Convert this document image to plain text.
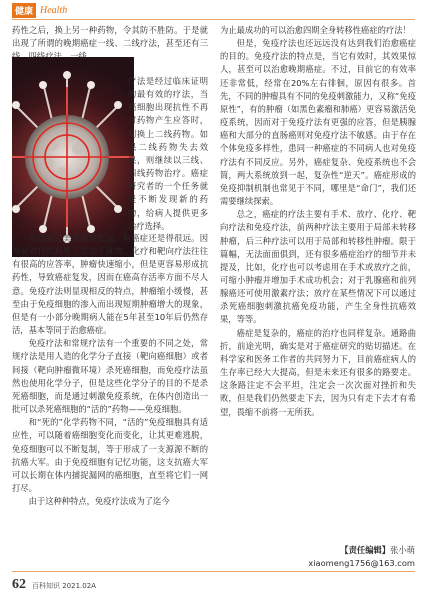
健康 Health

药性之后，换上另一种药物，令其防不胜防。于是就出现了所谓的晚期癌症一线、二线疗法，甚至还有三

疗法是经过临床证明的最有效的疗法，当癌细胞出现抗性不再对药物产生应答时，则换上二线药物。如果二线药物失去效果，则继续以三线、四线药物治疗。癌症研究者的一个任务就是不断发现新的药物，给病人提供更多治疗选择。

虽然需完美迷惑得很远，但癌症还是得很远。因为在对付抗药性上总显了优势。化疗和靶向疗法往往有很高的应答率，肿瘤快速缩小，但是更容易形成抗药性，导致癌症复发，因而在癌高存活率方面不尽人意。免疫疗法则显现相反的特点，肿瘤缩小缓慢，甚至由于免疫细胞的渗入而出现短期肿瘤增大的现象，但是有一小部分晚期病人能在5年甚至10年后仍然存活，基本等同于治愈癌症。

免疫疗法和常规疗法有一个重要的不同之处，常规疗法是用人造的化学分子直接（靶向癌细胞）或者间接（靶向肿瘤微环境）杀死癌细胞，而免疫疗法虽然也使用化学分子，但是这些化学分子的目的不是杀死癌细胞，而是通过刺激免疫系统，在体内创造出一批可以杀死癌细胞的“活的”药物——免疫细胞。

和“死的”化学药物不同，“活的”免疫细胞具有适应性，可以随着癌细胞变化而变化，让其更难逃脱，免疫细胞可以不断复制，等于形成了一支源源不断的抗癌大军。由于免疫细胞有记忆功能，这支抗癌大军可以长期在体内捕捉漏网的癌细胞，直至将它们一网打尽。

由于这种种特点，免疫疗法成为了迄今

为止最成功的可以治愈四期全身转移性癌症的疗法！

但是，免疫疗法也还远远没有达到我们治愈癌症的目的。免疫疗法的特点是，当它有效时，其效果惊人，甚至可以治愈晚期癌症。不过，目前它的有效率还非常低，经常在20%左右徘徊，原因有很多。首先，不同的肿瘤具有不同的免疫刺激能力，又称“免疫原性”，有的肿瘤（如黑色素瘤和肺癌）更容易激活免疫系统，因而对于免疫疗法有更强的应答，但是胰腺癌和大部分的直肠癌则对免疫疗法不敏感。由于存在个体免疫多样性，患同一种癌症的不同病人也对免疫疗法有不同反应。另外，癌症复杂、免疫系统也不会简，两大系统放到一起，复杂性“逆天”。癌症形成的免疫抑制机制也常见于不同，哪里是“命门”，我们还需要继续探索。

总之，癌症的疗法主要有手术、放疗、化疗、靶向疗法和免疫疗法，前两种疗法主要用于局部未转移肿瘤，后三种疗法可以用于局部和转移性肿瘤。限于篇幅，无法面面俱到，还有很多癌症治疗的细节并未提及，比如，化疗也可以考虑用在手术或放疗之前，可缩小肿瘤并增加手术成功机会；对于乳腺癌和前列腺癌还可使用激素疗法；放疗在某些情况下可以通过杀死癌细胞刺激抗癌免疫功能，产生全身性抗癌效果，等等。

癌症是复杂的，癌症的治疗也同样复杂。通路曲折，前途光明，确实是对于癌症研究的贴切描述。在科学家和医务工作者的共同努力下，目前癌症病人的生存率已经大大提高，但是未来还有很多的路要走。这条路注定不会平坦，注定会一次次面对挫折和失败，但是我们仍然要走下去，因为只有走下去才有希望，畏缩不前将一无所获。

【责任编辑】张小萌
xiaomeng1756@163.com
62 百科知识 2021.02A
